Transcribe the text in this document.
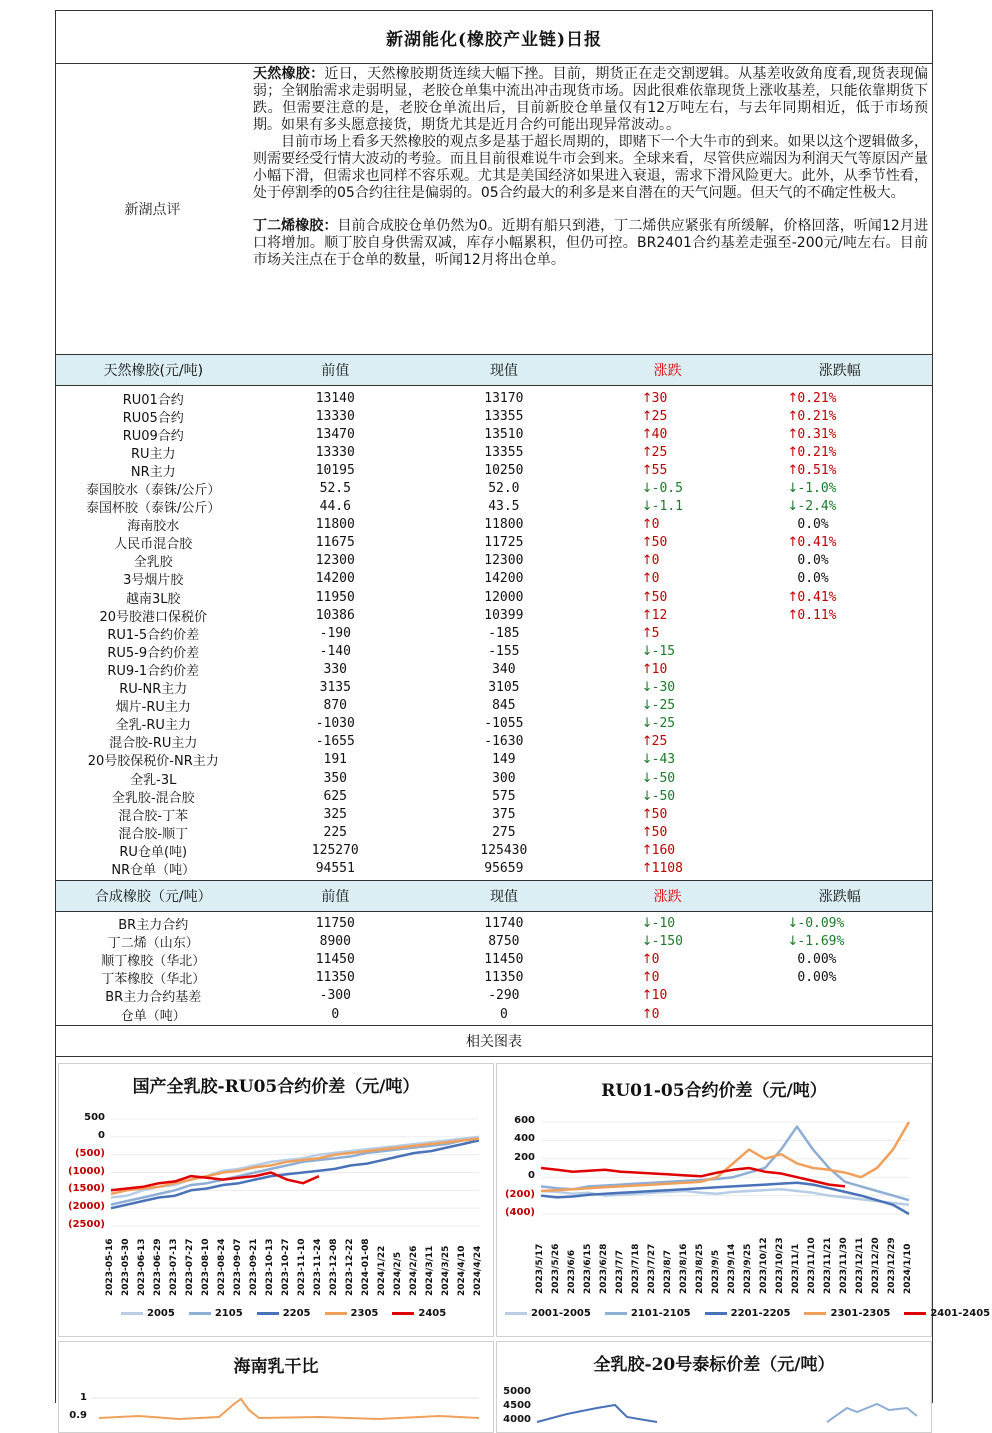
新湖能化(橡胶产业链)日报
新湖点评

天然橡胶：近日，天然橡胶期货连续大幅下挫。目前，期货正在走交割逻辑。从基差收敛角度看,现货表现偏弱；全钢胎需求走弱明显，老胶仓单集中流出冲击现货市场。因此很难依靠现货上涨收基差，只能依靠期货下跌。但需要注意的是，老胶仓单流出后，目前新胶仓单量仅有12万吨左右，与去年同期相近，低于市场预期。如果有多头愿意接货，期货尤其是近月合约可能出现异常波动。。

目前市场上看多天然橡胶的观点多是基于超长周期的，即赌下一个大牛市的到来。如果以这个逻辑做多，则需要经受行情大波动的考验。而且目前很难说牛市会到来。全球来看，尽管供应端因为利润天气等原因产量小幅下滑，但需求也同样不容乐观。尤其是美国经济如果进入衰退，需求下滑风险更大。此外，从季节性看，处于停割季的05合约往往是偏弱的。05合约最大的利多是来自潜在的天气问题。但天气的不确定性极大。

丁二烯橡胶：目前合成胶仓单仍然为0。近期有船只到港，丁二烯供应紧张有所缓解，价格回落，听闻12月进口将增加。顺丁胶自身供需双减，库存小幅累积，但仍可控。BR2401合约基差走强至-200元/吨左右。目前市场关注点在于仓单的数量，听闻12月将出仓单。

天然橡胶(元/吨)	前值	现值	涨跌	涨跌幅
RU01合约	13140	13170	↑30	↑0.21%
RU05合约	13330	13355	↑25	↑0.21%
RU09合约	13470	13510	↑40	↑0.31%
RU主力	13330	13355	↑25	↑0.21%
NR主力	10195	10250	↑55	↑0.51%
泰国胶水（泰铢/公斤）	52.5	52.0	↓-0.5	↓-1.0%
泰国杯胶（泰铢/公斤）	44.6	43.5	↓-1.1	↓-2.4%
海南胶水	11800	11800	↑0	0.0%
人民币混合胶	11675	11725	↑50	↑0.41%
全乳胶	12300	12300	↑0	0.0%
3号烟片胶	14200	14200	↑0	0.0%
越南3L胶	11950	12000	↑50	↑0.41%
20号胶港口保税价	10386	10399	↑12	↑0.11%
RU1-5合约价差	-190	-185	↑5
RU5-9合约价差	-140	-155	↓-15
RU9-1合约价差	330	340	↑10
RU-NR主力	3135	3105	↓-30
烟片-RU主力	870	845	↓-25
全乳-RU主力	-1030	-1055	↓-25
混合胶-RU主力	-1655	-1630	↑25
20号胶保税价-NR主力	191	149	↓-43
全乳-3L	350	300	↓-50
全乳胶-混合胶	625	575	↓-50
混合胶-丁苯	325	375	↑50
混合胶-顺丁	225	275	↑50
RU仓单(吨)	125270	125430	↑160
NR仓单（吨）	94551	95659	↑1108
合成橡胶（元/吨）	前值	现值	涨跌	涨跌幅
BR主力合约	11750	11740	↓-10	↓-0.09%
丁二烯（山东）	8900	8750	↓-150	↓-1.69%
顺丁橡胶（华北）	11450	11450	↑0	0.00%
丁苯橡胶（华北）	11350	11350	↑0	0.00%
BR主力合约基差	-300	-290	↑10
仓单（吨）	0	0	↑0
相关图表
国产全乳胶-RU05合约价差（元/吨）
500
0
(500)
(1000)
(1500)
(2000)
(2500)
2023-05-16 2023-05-30 2023-06-13 2023-06-29 2023-07-13 2023-07-27 2023-08-10 2023-08-24 2023-09-07 2023-09-21 2023-10-13 2023-10-27 2023-11-10 2023-11-24 2023-12-08 2023-12-22 2024-01-08 2024/1/22 2024/2/5 2024/2/26 2024/3/11 2024/3/25 2024/4/10 2024/4/24
2005	2105	2205	2305	2405
RU01-05合约价差（元/吨）
600
400
200
0
(200)
(400)
2023/5/17 2023/5/26 2023/6/6 2023/6/15 2023/6/28 2023/7/7 2023/7/18 2023/7/27 2023/8/7 2023/8/16 2023/8/25 2023/9/5 2023/9/14 2023/9/25 2023/10/12 2023/10/23 2023/11/1 2023/11/10 2023/11/21 2023/11/30 2023/12/11 2023/12/20 2023/12/29 2024/1/10
2001-2005	2101-2105	2201-2205	2301-2305	2401-2405
海南乳干比
1
0.9
全乳胶-20号泰标价差（元/吨）
5000
4500
4000
